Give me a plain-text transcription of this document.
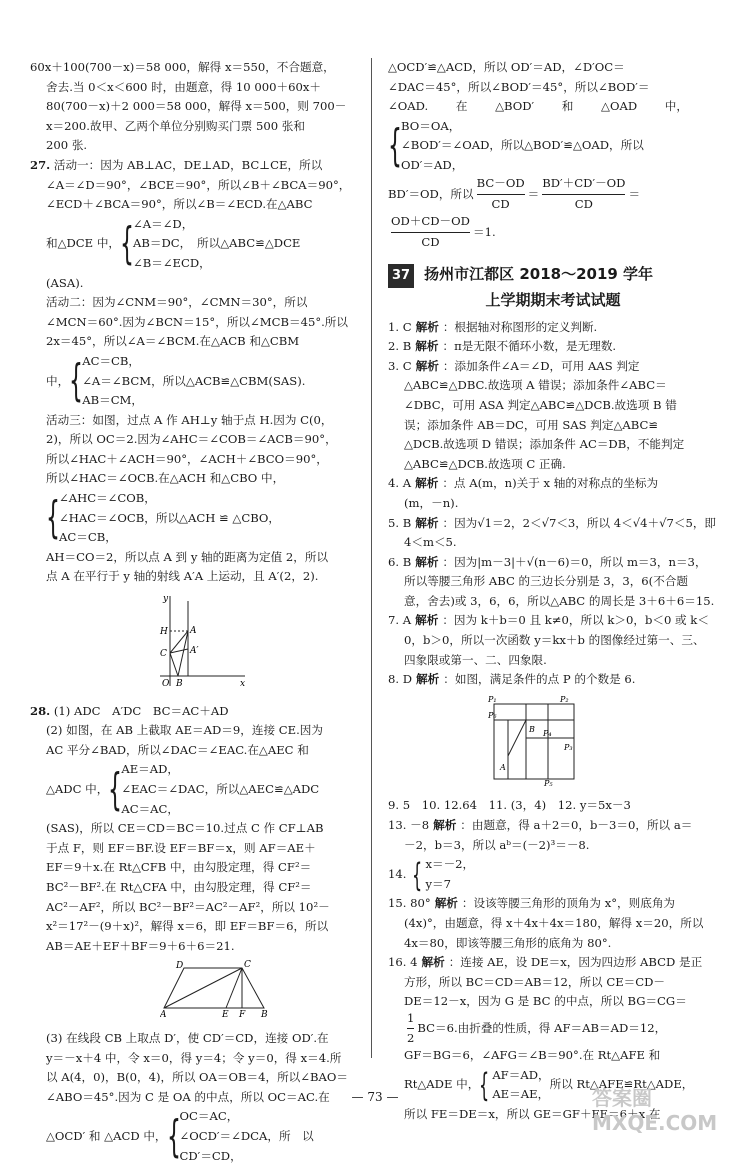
60x＋100(700－x)＝58 000，解得 x＝550，不合题意，
舍去.当 0＜x＜600 时，由题意，得 10 000＋60x＋
80(700－x)＋2 000＝58 000，解得 x＝500，则 700－
x＝200.故甲、乙两个单位分别购买门票 500 张和
200 张.
27. 活动一：因为 AB⊥AC，DE⊥AD，BC⊥CE，所以
∠A＝∠D＝90°，∠BCE＝90°，所以∠B＋∠BCA＝90°，
∠ECD＋∠BCA＝90°，所以∠B＝∠ECD.在△ABC
和△DCE 中， { ∠A＝∠D，
AB＝DC，　所以△ABC≌△DCE
∠B＝∠ECD，
(ASA).
活动二：因为∠CNM＝90°，∠CMN＝30°，所以
∠MCN＝60°.因为∠BCN＝15°，所以∠MCB＝45°.所以
2x＝45°，所以∠A＝∠BCM.在△ACB 和△CBM
中， { AC＝CB，
∠A＝∠BCM，所以△ACB≌△CBM(SAS).
AB＝CM，
活动三：如图，过点 A 作 AH⊥y 轴于点 H.因为 C(0，
2)，所以 OC＝2.因为∠AHC＝∠COB＝∠ACB＝90°，
所以∠HAC＋∠ACH＝90°，∠ACH＋∠BCO＝90°，
所以∠HAC＝∠OCB.在△ACH 和△CBO 中，
{ ∠AHC＝∠COB，
∠HAC＝∠OCB，所以△ACH ≌ △CBO，
AC＝CB，
AH＝CO＝2，所以点 A 到 y 轴的距离为定值 2，所以
点 A 在平行于 y 轴的射线 A′A 上运动，且 A′(2，2).
y
H A
A′
C
O B	x
28. (1) ADC　A′DC　BC＝AC＋AD
(2) 如图，在 AB 上截取 AE＝AD＝9，连接 CE.因为
AC 平分∠BAD，所以∠DAC＝∠EAC.在△AEC 和
△ADC 中， { AE＝AD，
∠EAC＝∠DAC，所以△AEC≌△ADC
AC＝AC，
(SAS)，所以 CE＝CD＝BC＝10.过点 C 作 CF⊥AB
于点 F，则 EF＝BF.设 EF＝BF＝x，则 AF＝AE＋
EF＝9＋x.在 Rt△CFB 中，由勾股定理，得 CF²＝
BC²－BF².在 Rt△CFA 中，由勾股定理，得 CF²＝
AC²－AF²，所以 BC²－BF²＝AC²－AF²，所以 10²－
x²＝17²－(9＋x)²，解得 x＝6，即 EF＝BF＝6，所以
AB＝AE＋EF＋BF＝9＋6＋6＝21.
D	C
A	E F B
(3) 在线段 CB 上取点 D′，使 CD′＝CD，连接 OD′.在
y＝－x＋4 中，令 x＝0，得 y＝4；令 y＝0，得 x＝4.所
以 A(4，0)，B(0，4)，所以 OA＝OB＝4，所以∠BAO＝
∠ABO＝45°.因为 C 是 OA 的中点，所以 OC＝AC.在
△OCD′ 和 △ACD 中， { OC＝AC，
∠OCD′＝∠DCA，所　以
CD′＝CD，
△OCD′≌△ACD，所以 OD′＝AD，∠D′OC＝
∠DAC＝45°，所以∠BOD′＝45°，所以∠BOD′＝
∠OAD. 在 △BOD′ 和 △OAD 中，
{ BO＝OA，
∠BOD′＝∠OAD，所以△BOD′≌△OAD，所以
OD′＝AD，
BD′＝OD，所以 $\frac{BC-OD}{CD} = \frac{BD'+CD'-OD}{CD}$ ＝
$\frac{OD+CD-OD}{CD} =1$.
37 扬州市江都区 2018～2019 学年
上学期期末考试试题
1. C 解析 ：根据轴对称图形的定义判断.
2. B 解析 ：π是无限不循环小数，是无理数.
3. C 解析 ：添加条件∠A＝∠D，可用 AAS 判定
△ABC≌△DBC.故选项 A 错误；添加条件∠ABC＝
∠DBC，可用 ASA 判定△ABC≌△DCB.故选项 B 错
误；添加条件 AB＝DC，可用 SAS 判定△ABC≌
△DCB.故选项 D 错误；添加条件 AC＝DB，不能判定
△ABC≌△DCB.故选项 C 正确.
4. A 解析 ：点 A(m，n)关于 x 轴的对称点的坐标为
(m，－n).
5. B 解析 ：因为√1＝2，2＜√7＜3，所以 4＜√4＋√7＜5，即
4＜m＜5.
6. B 解析 ：因为|m－3|＋√(n－6)＝0，所以 m＝3，n＝3，
所以等腰三角形 ABC 的三边长分别是 3，3，6(不合题
意，舍去)或 3，6，6，所以△ABC 的周长是 3＋6＋6＝15.
7. A 解析 ：因为 k＋b＝0 且 k≠0，所以 k＞0，b＜0 或 k＜
0，b＞0，所以一次函数 y＝kx＋b 的图像经过第一、三、
四象限或第一、二、四象限.
8. D 解析 ：如图，满足条件的点 P 的个数是 6.
P₁	P₂
P₆
B P₄
P₃
A
P₅
9. 5　10. 12.64　11. (3，4)　12. y＝5x－3
13. －8 解析 ：由题意，得 a＋2＝0，b－3＝0，所以 a＝
－2，b＝3，所以 aᵇ＝(－2)³＝－8.
14. { x＝－2，
y＝7
15. 80° 解析 ：设该等腰三角形的顶角为 x°，则底角为
(4x)°，由题意，得 x＋4x＋4x＝180，解得 x＝20，所以
4x＝80，即该等腰三角形的底角为 80°.
16. 4 解析 ：连接 AE，设 DE＝x，因为四边形 ABCD 是正
方形，所以 BC＝CD＝AB＝12，所以 CE＝CD－
DE＝12－x，因为 G 是 BC 的中点，所以 BG＝CG＝
$\frac{1}{2} BC=6$.由折叠的性质，得 AF＝AB＝AD＝12，
GF＝BG＝6，∠AFG＝∠B＝90°.在 Rt△AFE 和
Rt△ADE 中， { AF＝AD，
AE＝AE，
所以 Rt△AFE≌Rt△ADE，
所以 FE＝DE＝x，所以 GE＝GF＋FE＝6＋x.在
— 73 —	答案圈 MXQE.COM
